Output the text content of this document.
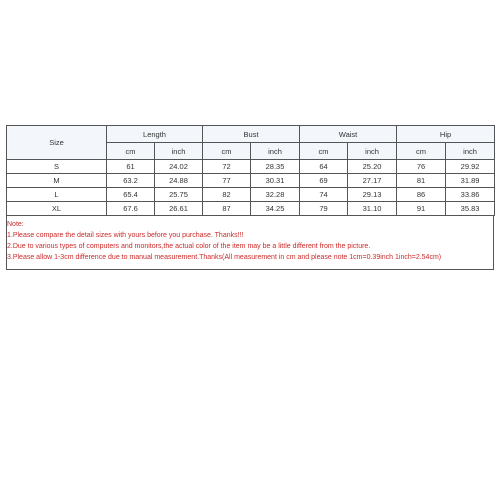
Size	Length		Bust		Waist		Hip	
	cm	inch	cm	inch	cm	inch	cm	inch
S	61	24.02	72	28.35	64	25.20	76	29.92
M	63.2	24.88	77	30.31	69	27.17	81	31.89
L	65.4	25.75	82	32.28	74	29.13	86	33.86
XL	67.6	26.61	87	34.25	79	31.10	91	35.83
Note:
1.Please compare the detail sizes with yours before you purchase. Thanks!!!
2.Due to various types of computers and monitors,the actual color of the item may be a little different from the picture.
3.Please allow 1-3cm difference due to manual measurement.Thanks(All measurement in cm and please note 1cm=0.39inch 1inch=2.54cm)
